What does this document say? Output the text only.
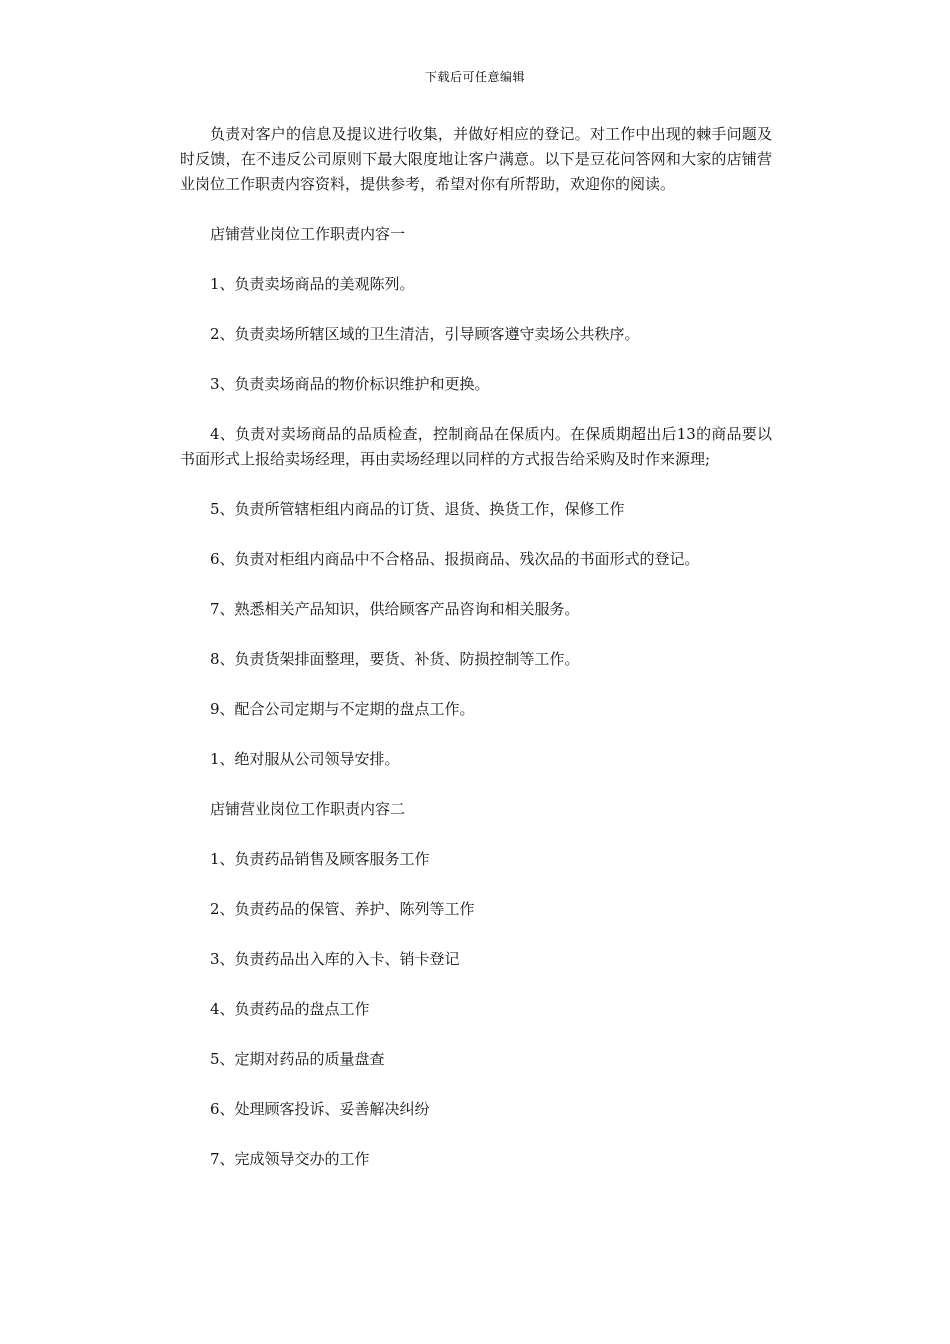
下载后可任意编辑

负责对客户的信息及提议进行收集，并做好相应的登记。对工作中出现的棘手问题及时反馈，在不违反公司原则下最大限度地让客户满意。以下是豆花问答网和大家的店铺营业岗位工作职责内容资料，提供参考，希望对你有所帮助，欢迎你的阅读。

店铺营业岗位工作职责内容一

1、负责卖场商品的美观陈列。

2、负责卖场所辖区域的卫生清洁，引导顾客遵守卖场公共秩序。

3、负责卖场商品的物价标识维护和更换。

4、负责对卖场商品的品质检查，控制商品在保质内。在保质期超出后13的商品要以书面形式上报给卖场经理，再由卖场经理以同样的方式报告给采购及时作来源理;

5、负责所管辖柜组内商品的订货、退货、换货工作，保修工作

6、负责对柜组内商品中不合格品、报损商品、残次品的书面形式的登记。

7、熟悉相关产品知识，供给顾客产品咨询和相关服务。

8、负责货架排面整理，要货、补货、防损控制等工作。

9、配合公司定期与不定期的盘点工作。

1、绝对服从公司领导安排。

店铺营业岗位工作职责内容二

1、负责药品销售及顾客服务工作

2、负责药品的保管、养护、陈列等工作

3、负责药品出入库的入卡、销卡登记

4、负责药品的盘点工作

5、定期对药品的质量盘查

6、处理顾客投诉、妥善解决纠纷

7、完成领导交办的工作
